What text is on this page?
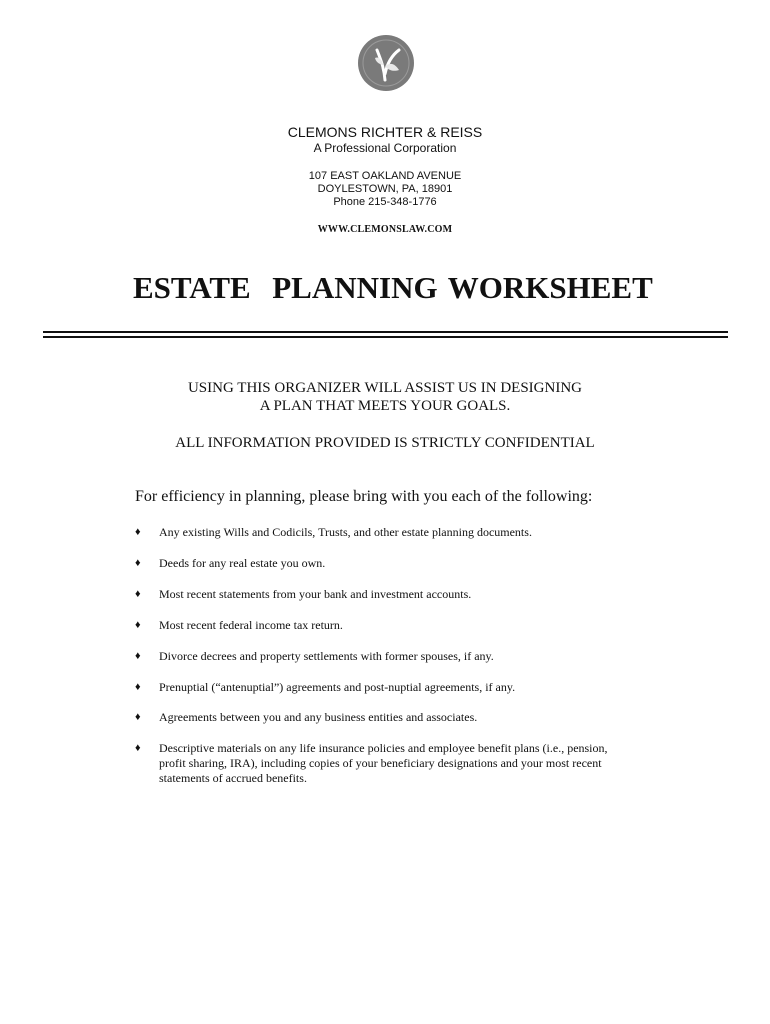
CLEMONS RICHTER & REISS
A Professional Corporation
107 EAST OAKLAND AVENUE
DOYLESTOWN, PA, 18901
Phone 215-348-1776
WWW.CLEMONSLAW.COM
ESTATE  PLANNING WORKSHEET
USING THIS ORGANIZER WILL ASSIST US IN DESIGNING
A PLAN THAT MEETS YOUR GOALS.
ALL INFORMATION PROVIDED IS STRICTLY CONFIDENTIAL
For efficiency in planning, please bring with you each of the following:
♦ Any existing Wills and Codicils, Trusts, and other estate planning documents.
♦ Deeds for any real estate you own.
♦ Most recent statements from your bank and investment accounts.
♦ Most recent federal income tax return.
♦ Divorce decrees and property settlements with former spouses, if any.
♦ Prenuptial (“antenuptial”) agreements and post-nuptial agreements, if any.
♦ Agreements between you and any business entities and associates.
♦ Descriptive materials on any life insurance policies and employee benefit plans (i.e., pension, profit sharing, IRA), including copies of your beneficiary designations and your most recent statements of accrued benefits.
